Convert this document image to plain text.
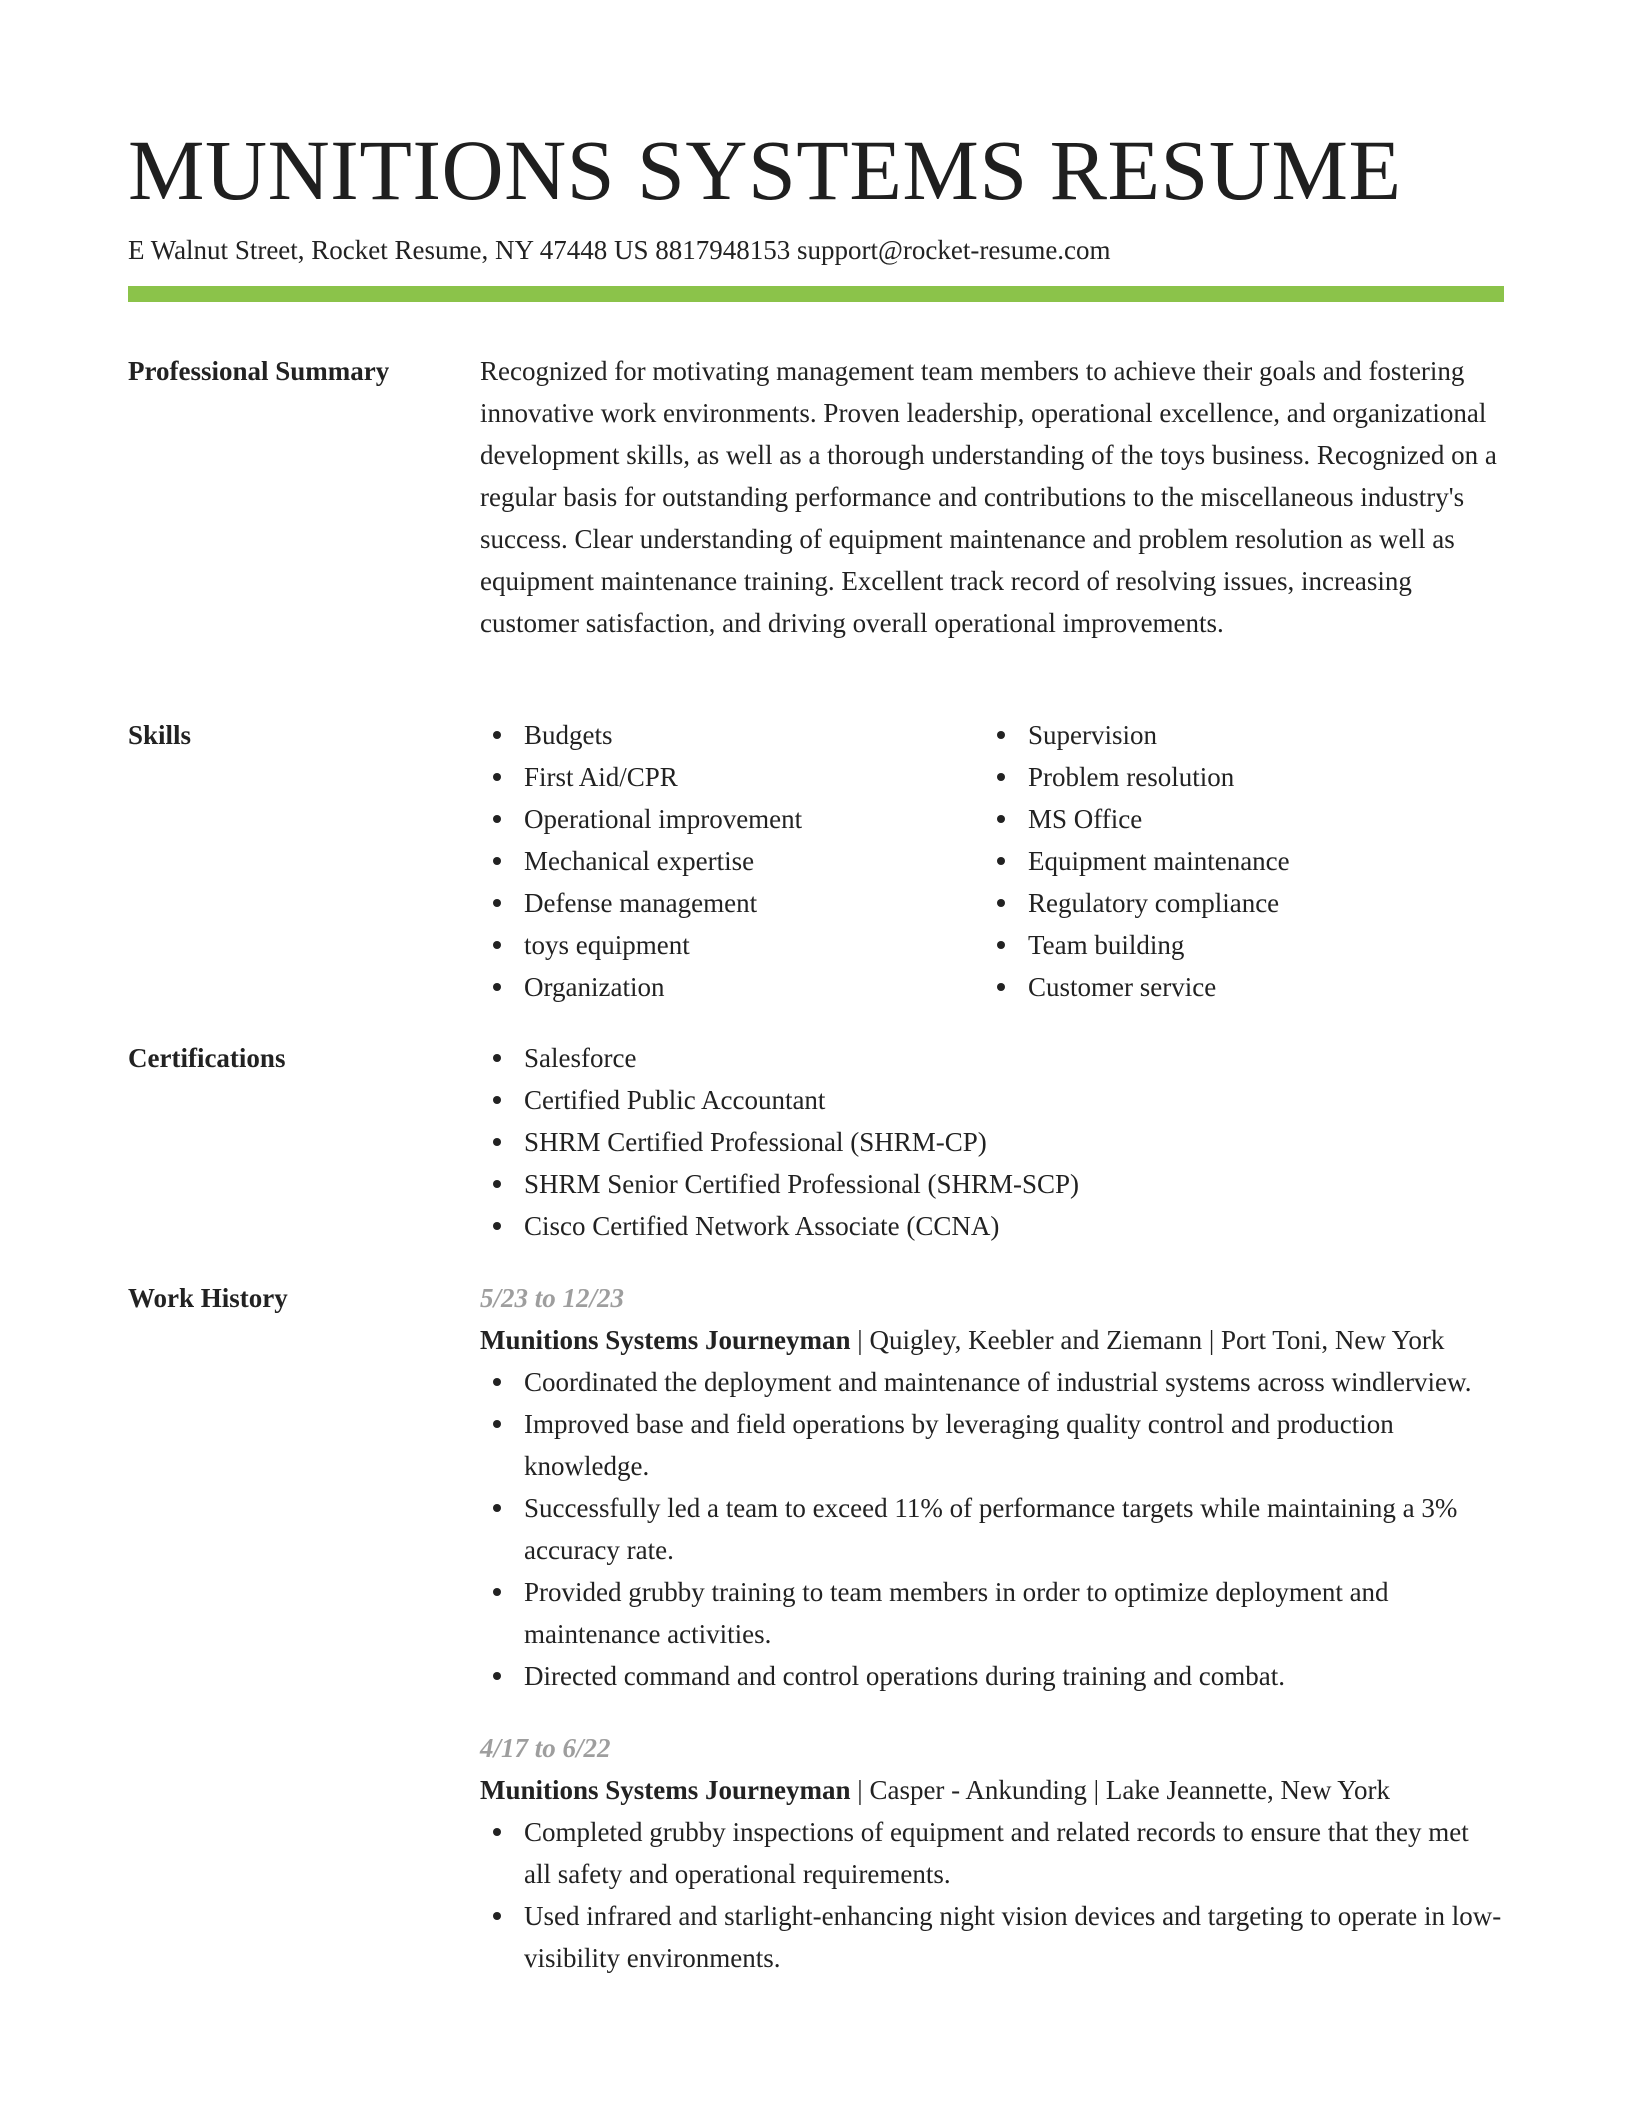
MUNITIONS SYSTEMS RESUME
E Walnut Street, Rocket Resume, NY 47448 US 8817948153 support@rocket-resume.com
Professional Summary	Recognized for motivating management team members to achieve their goals and fostering innovative work environments. Proven leadership, operational excellence, and organizational development skills, as well as a thorough understanding of the toys business. Recognized on a regular basis for outstanding performance and contributions to the miscellaneous industry's success. Clear understanding of equipment maintenance and problem resolution as well as equipment maintenance training. Excellent track record of resolving issues, increasing customer satisfaction, and driving overall operational improvements.

Skills	Budgets
First Aid/CPR
Operational improvement
Mechanical expertise
Defense management
toys equipment
Organization
Supervision
Problem resolution
MS Office
Equipment maintenance
Regulatory compliance
Team building
Customer service
Certifications	Salesforce
Certified Public Accountant
SHRM Certified Professional (SHRM-CP)
SHRM Senior Certified Professional (SHRM-SCP)
Cisco Certified Network Associate (CCNA)
Work History	5/23 to 12/23
Munitions Systems Journeyman | Quigley, Keebler and Ziemann | Port Toni, New York
Coordinated the deployment and maintenance of industrial systems across windlerview.
Improved base and field operations by leveraging quality control and production knowledge.
Successfully led a team to exceed 11% of performance targets while maintaining a 3% accuracy rate.
Provided grubby training to team members in order to optimize deployment and maintenance activities.
Directed command and control operations during training and combat.
4/17 to 6/22
Munitions Systems Journeyman | Casper - Ankunding | Lake Jeannette, New York
Completed grubby inspections of equipment and related records to ensure that they met all safety and operational requirements.
Used infrared and starlight-enhancing night vision devices and targeting to operate in low-visibility environments.
